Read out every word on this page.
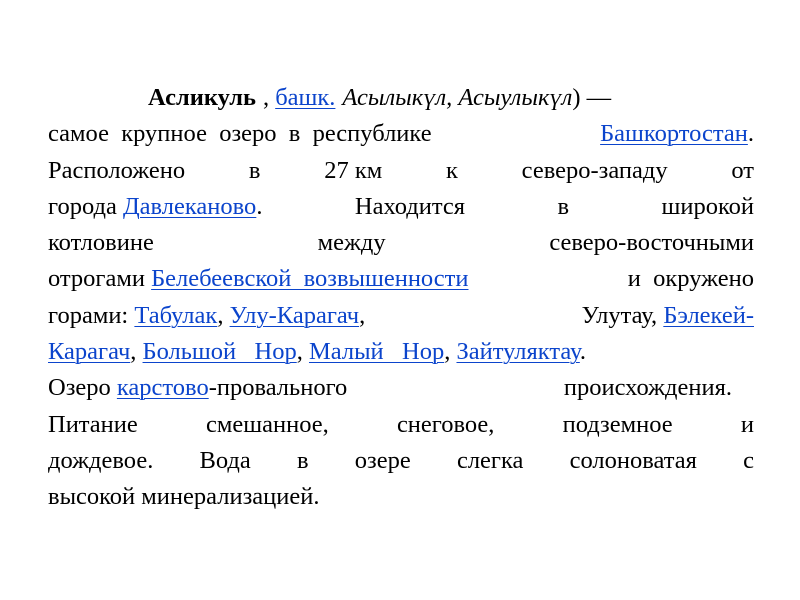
Асликуль , башк. Асылыкүл, Асыулыкүл) —
самое  крупное  озеро  в  республике	Башкортостан.
Расположено	в	27 км	к	северо-западу	от
города Давлеканово.	Находится	в	широкой
котловине	между	северо-восточными
отрогами Белебеевской  возвышенности	и  окружено
горами: Табулак, Улу-Карагач,	Улутау, Бэлекей-
Карагач, Большой   Нор, Малый   Нор, Зайтуляктау.
Озеро карстово-провального	происхождения.
Питание	смешанное,	снеговое,	подземное	и
дождевое. Вода в озере слегка солоноватая с
высокой минерализацией.
